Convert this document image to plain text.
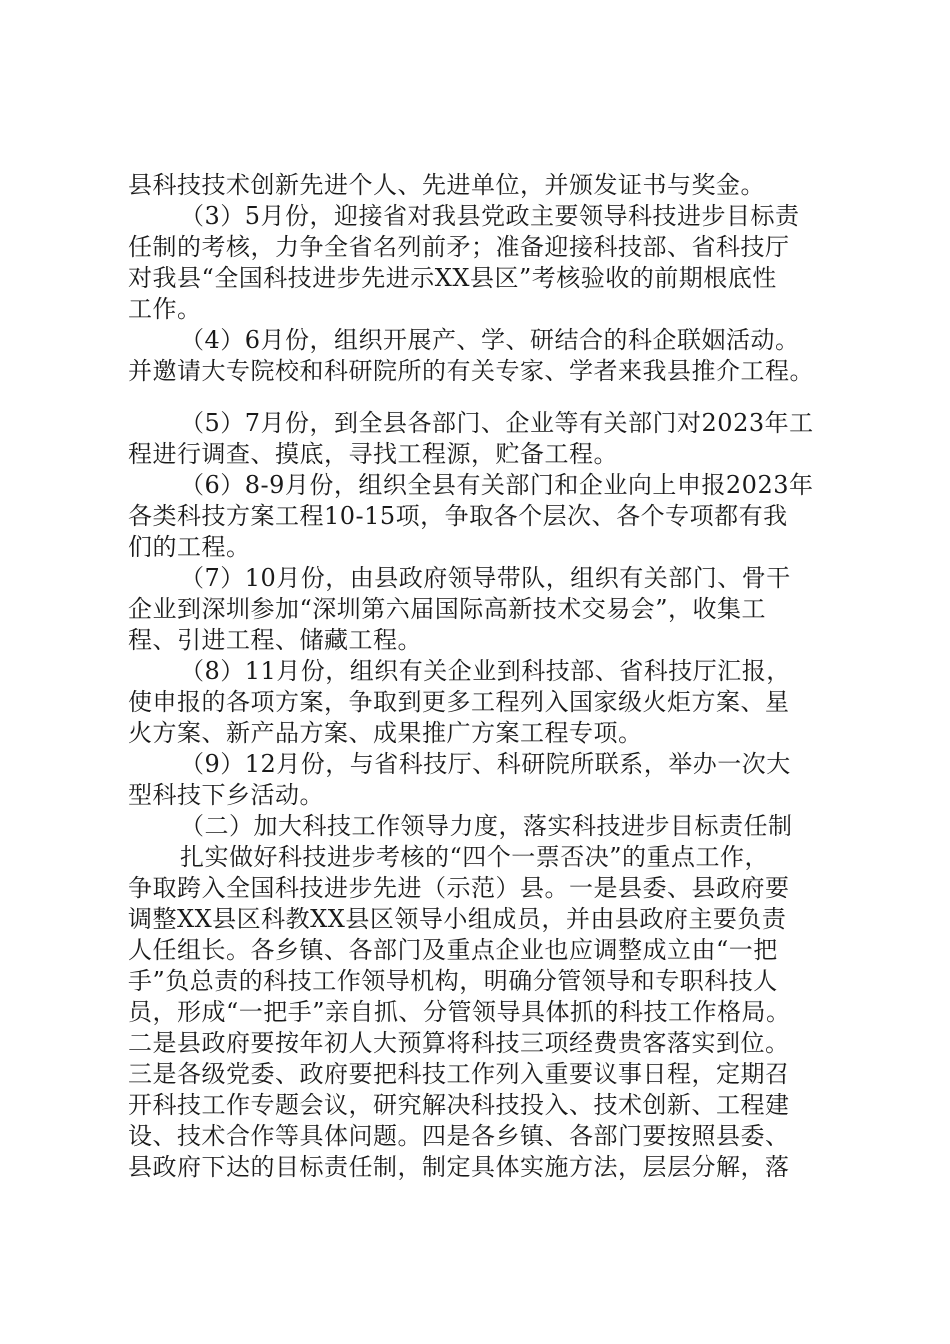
县科技技术创新先进个人、先进单位，并颁发证书与奖金。
（3）5月份，迎接省对我县党政主要领导科技进步目标责
任制的考核，力争全省名列前矛；准备迎接科技部、省科技厅
对我县“全国科技进步先进示XX县区”考核验收的前期根底性
工作。
（4）6月份，组织开展产、学、研结合的科企联姻活动。
并邀请大专院校和科研院所的有关专家、学者来我县推介工程。
（5）7月份，到全县各部门、企业等有关部门对2023年工
程进行调查、摸底，寻找工程源，贮备工程。
（6）8-9月份，组织全县有关部门和企业向上申报2023年
各类科技方案工程10-15项，争取各个层次、各个专项都有我
们的工程。
（7）10月份，由县政府领导带队，组织有关部门、骨干
企业到深圳参加“深圳第六届国际高新技术交易会”，收集工
程、引进工程、储藏工程。
（8）11月份，组织有关企业到科技部、省科技厅汇报，
使申报的各项方案，争取到更多工程列入国家级火炬方案、星
火方案、新产品方案、成果推广方案工程专项。
（9）12月份，与省科技厅、科研院所联系，举办一次大
型科技下乡活动。
（二）加大科技工作领导力度，落实科技进步目标责任制
扎实做好科技进步考核的“四个一票否决”的重点工作，
争取跨入全国科技进步先进（示范）县。一是县委、县政府要
调整XX县区科教XX县区领导小组成员，并由县政府主要负责
人任组长。各乡镇、各部门及重点企业也应调整成立由“一把
手”负总责的科技工作领导机构，明确分管领导和专职科技人
员，形成“一把手”亲自抓、分管领导具体抓的科技工作格局。
二是县政府要按年初人大预算将科技三项经费贵客落实到位。
三是各级党委、政府要把科技工作列入重要议事日程，定期召
开科技工作专题会议，研究解决科技投入、技术创新、工程建
设、技术合作等具体问题。四是各乡镇、各部门要按照县委、
县政府下达的目标责任制，制定具体实施方法，层层分解，落
